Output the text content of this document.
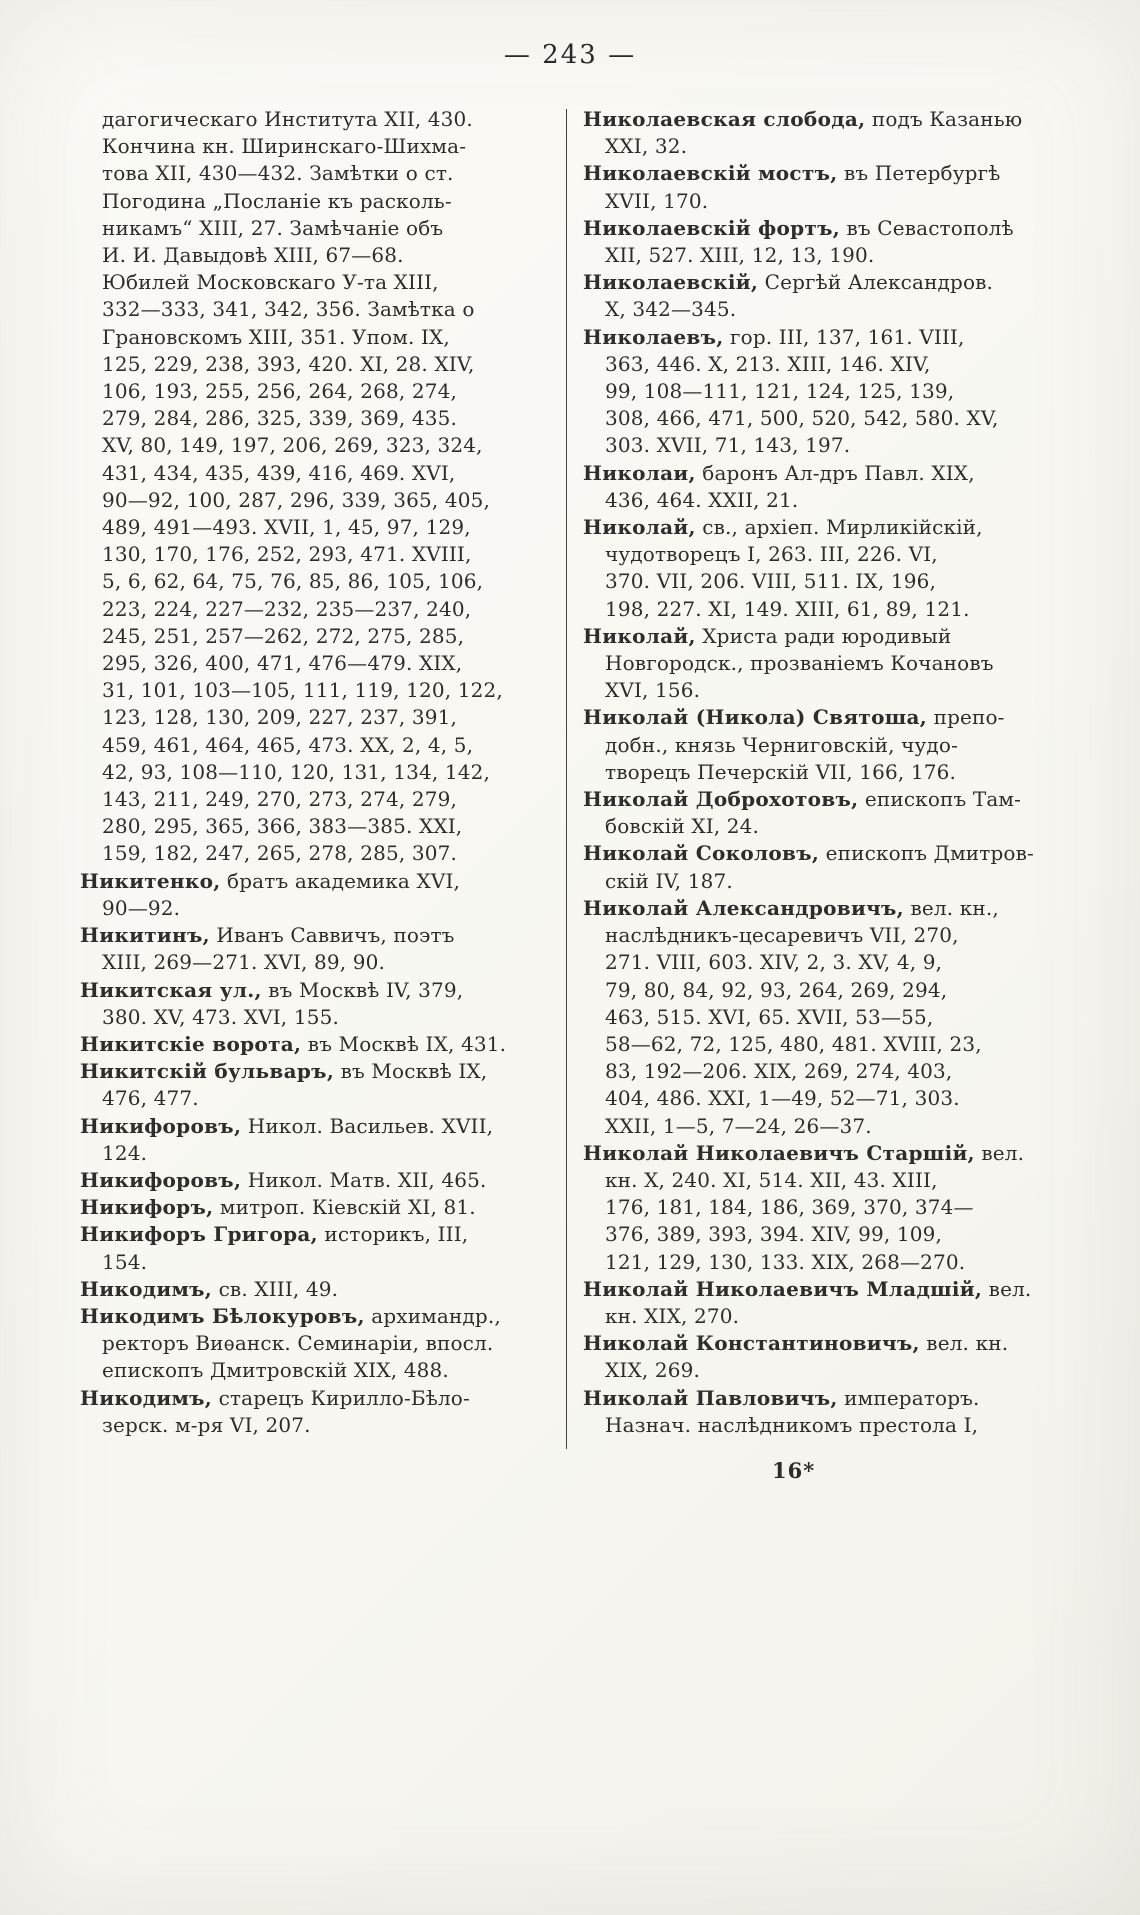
— 243 —
дагогическаго Института XII, 430.
Кончина кн. Ширинскаго-Шихма-
това XII, 430—432. Замѣтки о ст.
Погодина „Посланіе къ расколь-
никамъ“ XIII, 27. Замѣчаніе объ
И. И. Давыдовѣ XIII, 67—68.
Юбилей Московскаго У-та XIII,
332—333, 341, 342, 356. Замѣтка о
Грановскомъ XIII, 351. Упом. IX,
125, 229, 238, 393, 420. XI, 28. XIV,
106, 193, 255, 256, 264, 268, 274,
279, 284, 286, 325, 339, 369, 435.
XV, 80, 149, 197, 206, 269, 323, 324,
431, 434, 435, 439, 416, 469. XVI,
90—92, 100, 287, 296, 339, 365, 405,
489, 491—493. XVII, 1, 45, 97, 129,
130, 170, 176, 252, 293, 471. XVIII,
5, 6, 62, 64, 75, 76, 85, 86, 105, 106,
223, 224, 227—232, 235—237, 240,
245, 251, 257—262, 272, 275, 285,
295, 326, 400, 471, 476—479. XIX,
31, 101, 103—105, 111, 119, 120, 122,
123, 128, 130, 209, 227, 237, 391,
459, 461, 464, 465, 473. XX, 2, 4, 5,
42, 93, 108—110, 120, 131, 134, 142,
143, 211, 249, 270, 273, 274, 279,
280, 295, 365, 366, 383—385. XXI,
159, 182, 247, 265, 278, 285, 307.
Никитенко, братъ академика XVI,
90—92.
Никитинъ, Иванъ Саввичъ, поэтъ
XIII, 269—271. XVI, 89, 90.
Никитская ул., въ Москвѣ IV, 379,
380. XV, 473. XVI, 155.
Никитскіе ворота, въ Москвѣ IX, 431.
Никитскій бульваръ, въ Москвѣ IX,
476, 477.
Никифоровъ, Никол. Васильев. XVII,
124.
Никифоровъ, Никол. Матв. XII, 465.
Никифоръ, митроп. Кіевскій XI, 81.
Никифоръ Григора, историкъ, III,
154.
Никодимъ, св. XIII, 49.
Никодимъ Бѣлокуровъ, архимандр.,
ректоръ Виѳанск. Семинаріи, впосл.
епископъ Дмитровскій XIX, 488.
Никодимъ, старецъ Кирилло-Бѣло-
зерск. м-ря VI, 207.
Николаевская слобода, подъ Казанью
XXI, 32.
Николаевскій мостъ, въ Петербургѣ
XVII, 170.
Николаевскій фортъ, въ Севастополѣ
XII, 527. XIII, 12, 13, 190.
Николаевскій, Сергѣй Александров.
X, 342—345.
Николаевъ, гор. III, 137, 161. VIII,
363, 446. X, 213. XIII, 146. XIV,
99, 108—111, 121, 124, 125, 139,
308, 466, 471, 500, 520, 542, 580. XV,
303. XVII, 71, 143, 197.
Николаи, баронъ Ал-дръ Павл. XIX,
436, 464. XXII, 21.
Николай, св., архіеп. Мирликійскій,
чудотворецъ I, 263. III, 226. VI,
370. VII, 206. VIII, 511. IX, 196,
198, 227. XI, 149. XIII, 61, 89, 121.
Николай, Христа ради юродивый
Новгородск., прозваніемъ Кочановъ
XVI, 156.
Николай (Никола) Святоша, препо-
добн., князь Черниговскій, чудо-
творецъ Печерскій VII, 166, 176.
Николай Доброхотовъ, епископъ Там-
бовскій XI, 24.
Николай Соколовъ, епископъ Дмитров-
скій IV, 187.
Николай Александровичъ, вел. кн.,
наслѣдникъ-цесаревичъ VII, 270,
271. VIII, 603. XIV, 2, 3. XV, 4, 9,
79, 80, 84, 92, 93, 264, 269, 294,
463, 515. XVI, 65. XVII, 53—55,
58—62, 72, 125, 480, 481. XVIII, 23,
83, 192—206. XIX, 269, 274, 403,
404, 486. XXI, 1—49, 52—71, 303.
XXII, 1—5, 7—24, 26—37.
Николай Николаевичъ Старшій, вел.
кн. X, 240. XI, 514. XII, 43. XIII,
176, 181, 184, 186, 369, 370, 374—
376, 389, 393, 394. XIV, 99, 109,
121, 129, 130, 133. XIX, 268—270.
Николай Николаевичъ Младшій, вел.
кн. XIX, 270.
Николай Константиновичъ, вел. кн.
XIX, 269.
Николай Павловичъ, императоръ.
Назнач. наслѣдникомъ престола I,
16*
